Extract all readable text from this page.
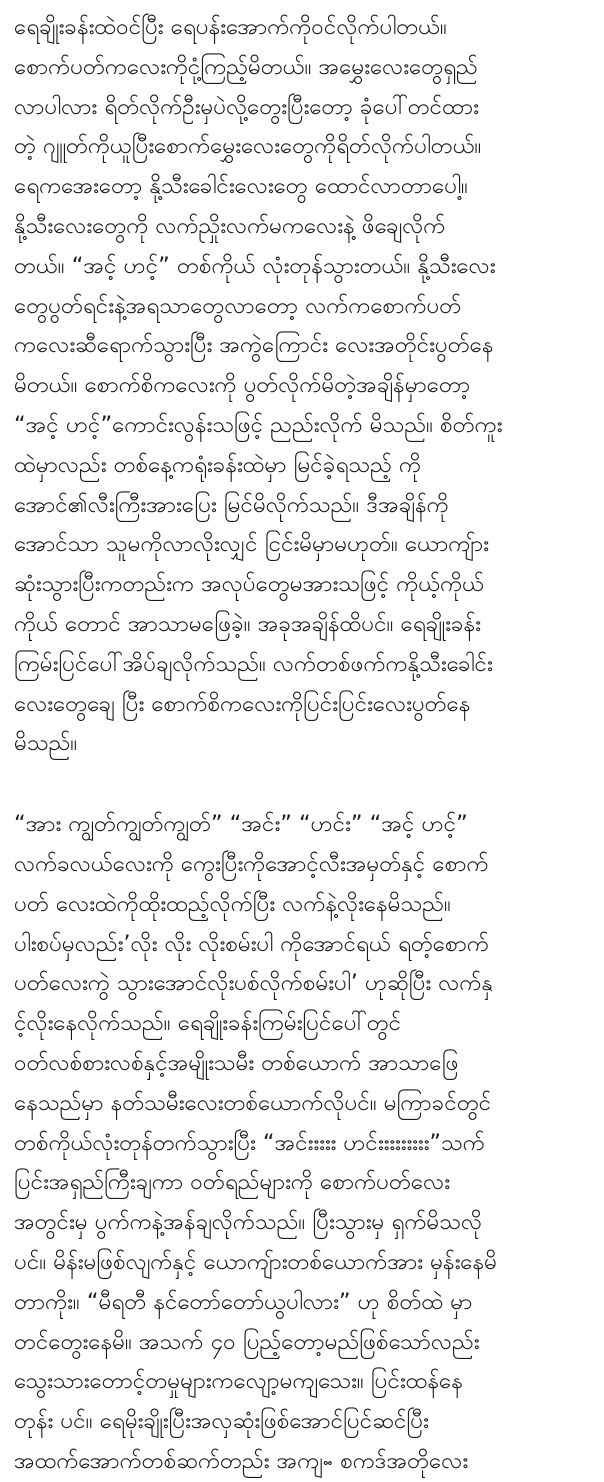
ရေချိုးခန်းထဲဝင်ပြီး ရေပန်းအောက်ကိုဝင်လိုက်ပါတယ်။
စောက်ပတ်ကလေးကိုငုံ့ကြည့်မိတယ်။ အမွှေးလေးတွေရှည်
လာပါလား ရိတ်လိုက်ဦးမှပဲလို့တွေးပြီးတော့ ခုံပေါ်တင်ထား
တဲ့ ဂျူတ်ကိုယူပြီးစောက်မွှေးလေးတွေကိုရိတ်လိုက်ပါတယ်။
ရေကအေးတော့ နို့သီးခေါင်းလေးတွေ ထောင်လာတာပေါ့။
နို့သီးလေးတွေကို လက်ညှိုးလက်မကလေးနဲ့ ဖိချေလိုက်
တယ်။ “အင့် ဟင့်” တစ်ကိုယ် လုံးတုန်သွားတယ်။ နို့သီးလေး
တွေပွတ်ရင်းနဲ့အရသာတွေလာတော့ လက်ကစောက်ပတ်
ကလေးဆီရောက်သွားပြီး အကွဲကြောင်း လေးအတိုင်းပွတ်နေ
မိတယ်။ စောက်စိကလေးကို ပွတ်လိုက်မိတဲ့အချိန်မှာတော့
“အင့် ဟင့်”ကောင်းလွန်းသဖြင့် ညည်းလိုက် မိသည်။ စိတ်ကူး
ထဲမှာလည်း တစ်နေ့ကရုံးခန်းထဲမှာ မြင်ခဲ့ရသည့် ကို
အောင်၏လီးကြီးအားပြေး မြင်မိလိုက်သည်။ ဒီအချိန်ကို
အောင်သာ သူမကိုလာလိုးလျှင် ငြင်းမိမှာမဟုတ်။ ယောကျ်ား
ဆုံးသွားပြီးကတည်းက အလုပ်တွေမအားသဖြင့် ကိုယ့်ကိုယ်
ကိုယ် တောင် အာသာမဖြေခဲ့။ အခုအချိန်ထိပင်။ ရေချိုးခန်း
ကြမ်းပြင်ပေါ်အိပ်ချလိုက်သည်။ လက်တစ်ဖက်ကနို့သီးခေါင်း
လေးတွေချေ ပြီး စောက်စိကလေးကိုပြင်းပြင်းလေးပွတ်နေ
မိသည်။
“အား ကျွတ်ကျွတ်ကျွတ်” “အင်း” “ဟင်း” “အင့် ဟင့်”
လက်ခလယ်လေးကို ကွေးပြီးကိုအောင့်လီးအမှတ်နှင့် စောက်
ပတ် လေးထဲကိုထိုးထည့်လိုက်ပြီး လက်နဲ့လိုးနေမိသည်။
ပါးစပ်မှလည်း’လိုး လိုး လိုးစမ်းပါ ကိုအောင်ရယ် ရတ့်စောက်
ပတ်လေးကွဲ သွားအောင်လိုးပစ်လိုက်စမ်းပါ’ ဟုဆိုပြီး လက်နှ
င့်လိုးနေလိုက်သည်။ ရေချိုးခန်းကြမ်းပြင်ပေါ်တွင်
ဝတ်လစ်စားလစ်နှင့်အမျိုးသမီး တစ်ယောက် အာသာဖြေ
နေသည်မှာ နတ်သမီးလေးတစ်ယောက်လိုပင်။ မကြာခင်တွင်
တစ်ကိုယ်လုံးတုန်တက်သွားပြီး “အင်းးးးး ဟင်းးးးးးးးး”သက်
ပြင်းအရှည်ကြီးချကာ ဝတ်ရည်များကို စောက်ပတ်လေး
အတွင်းမှ ပွက်ကနဲ့အန်ချလိုက်သည်။ ပြီးသွားမှ ရှက်မိသလို
ပင်။ မိန်းမဖြစ်လျက်နှင့် ယောကျ်ားတစ်ယောက်အား မှန်းနေမိ
တာကိုး။ “မီရတီ နင်တော်တော်ယွပါလား” ဟု စိတ်ထဲ မှာ
တင်တွေးနေမိ။ အသက် ၄၀ ပြည့်တော့မည်ဖြစ်သော်လည်း
သွေးသားတောင့်တမှုများကလျော့မကျသေး။ ပြင်းထန်နေ
တုန်း ပင်။ ရေမိုးချိုးပြီးအလှဆုံးဖြစ်အောင်ပြင်ဆင်ပြီး
အထက်အောက်တစ်ဆက်တည်း အကျႌ စကဒ်အတိုလေး
